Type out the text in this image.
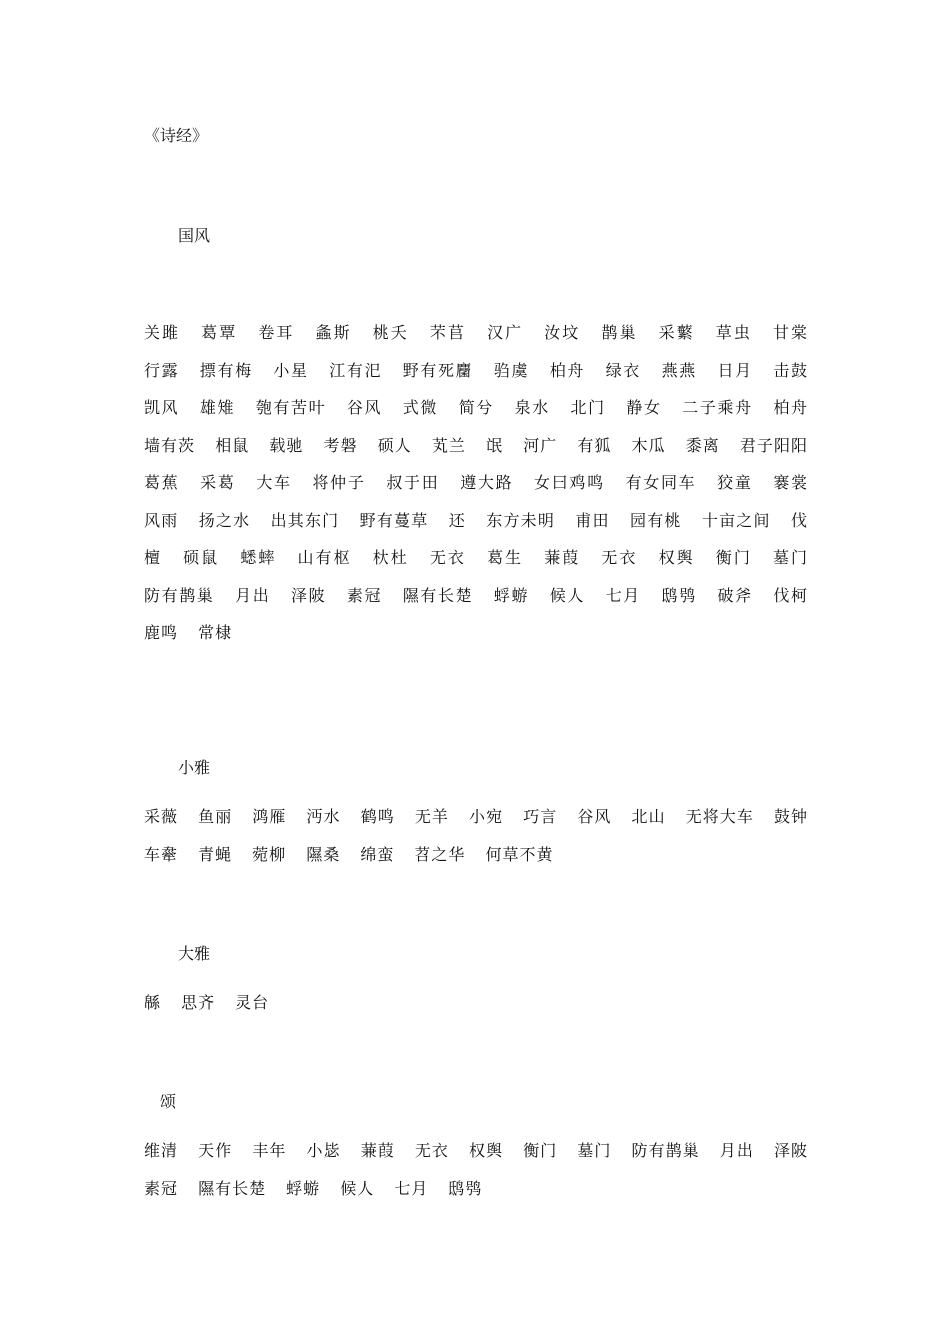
《诗经》
国风
关雎 葛覃 卷耳 螽斯 桃夭 芣苢 汉广 汝坟 鹊巢 采蘩 草虫 甘棠 行露 摽有梅 小星 江有汜 野有死麕 驺虞 柏舟 绿衣 燕燕 日月 击鼓 凯风 雄雉 匏有苦叶 谷风 式微 简兮 泉水 北门 静女 二子乘舟 柏舟 墙有茨 相鼠 载驰 考磐 硕人 芄兰 氓 河广 有狐 木瓜 黍离 君子阳阳 葛蕉 采葛 大车 将仲子 叔于田 遵大路 女曰鸡鸣 有女同车 狡童 褰裳 风雨 扬之水 出其东门 野有蔓草 还 东方未明 甫田 园有桃 十亩之间 伐檀 硕鼠 蟋蟀 山有枢 杕杜 无衣 葛生 蒹葭 无衣 权舆 衡门 墓门 防有鹊巢 月出 泽陂 素冠 隰有长楚 蜉蝣 候人 七月 鸱鸮 破斧 伐柯 鹿鸣 常棣
小雅
采薇 鱼丽 鸿雁 沔水 鹤鸣 无羊 小宛 巧言 谷风 北山 无将大车 鼓钟 车舝 青蝇 菀柳 隰桑 绵蛮 苕之华 何草不黄
大雅
緜 思齐 灵台
颂
维清 天作 丰年 小毖 蒹葭 无衣 权舆 衡门 墓门 防有鹊巢 月出 泽陂 素冠 隰有长楚 蜉蝣 候人 七月 鸱鸮
